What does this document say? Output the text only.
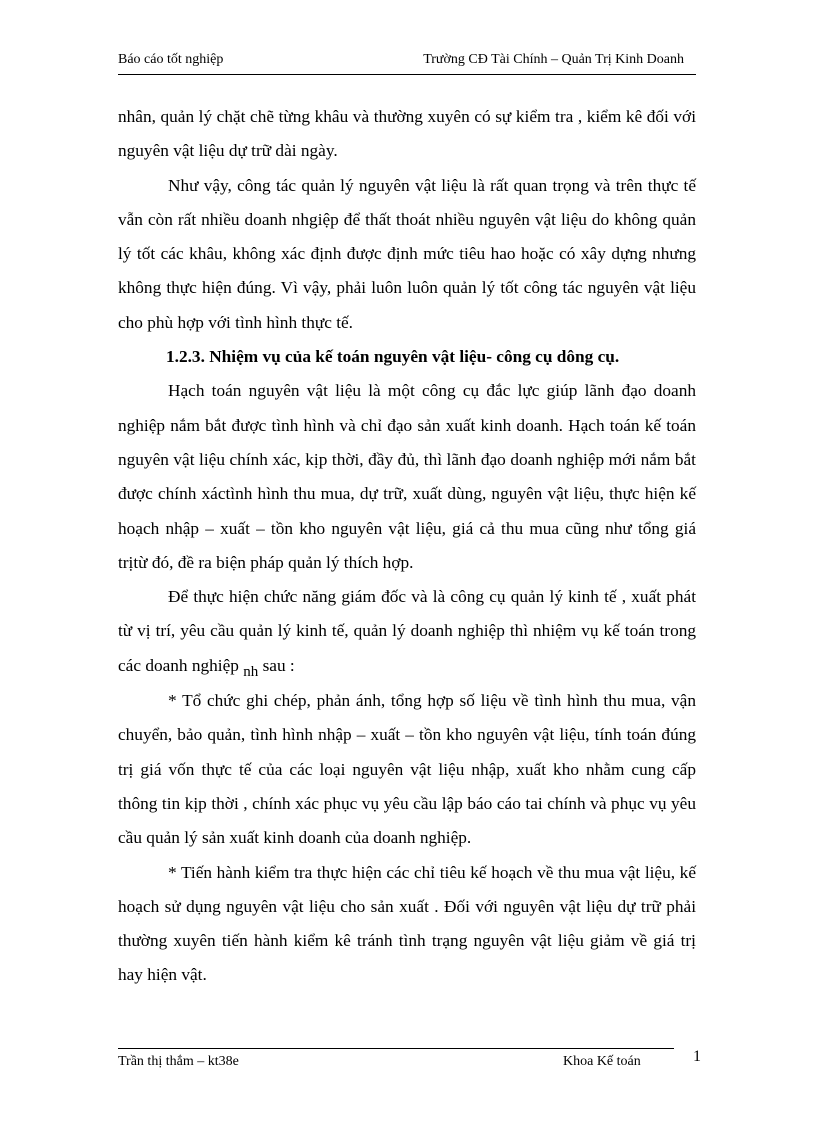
Báo cáo tốt nghiệp	Trường CĐ Tài Chính – Quản Trị Kinh Doanh

nhân, quản lý chặt chẽ từng khâu và thường xuyên có sự kiểm tra , kiểm kê đối với nguyên vật liệu dự trữ dài ngày.

Như vậy, công tác quản lý nguyên vật liệu là rất quan trọng và trên thực tế vẫn còn rất nhiều doanh nhgiệp để thất thoát nhiều nguyên vật liệu do không quản lý tốt các khâu, không xác định được định mức tiêu hao hoặc có xây dựng nhưng không thực hiện đúng. Vì vậy, phải luôn luôn quản lý tốt công tác nguyên vật liệu cho phù hợp với tình hình thực tế.

1.2.3. Nhiệm vụ của kế toán nguyên vật liệu- công cụ dông cụ.

Hạch toán nguyên vật liệu là một công cụ đắc lực giúp lãnh đạo doanh nghiệp nắm bắt được tình hình và chỉ đạo sản xuất kinh doanh. Hạch toán kế toán nguyên vật liệu chính xác, kịp thời, đầy đủ, thì lãnh đạo doanh nghiệp mới nắm bắt được chính xáctình hình thu mua, dự trữ, xuất dùng, nguyên vật liệu, thực hiện kế hoạch nhập – xuất – tồn kho nguyên vật liệu, giá cả thu mua cũng như tổng giá trịtừ đó, đề ra biện pháp quản lý thích hợp.

Để thực hiện chức năng giám đốc và là công cụ quản lý kinh tế , xuất phát từ vị trí, yêu cầu quản lý kinh tế, quản lý doanh nghiệp thì nhiệm vụ kế toán trong các doanh nghiệp nh sau :

* Tổ chức ghi chép, phản ánh, tổng hợp số liệu về tình hình thu mua, vận chuyển, bảo quản, tình hình nhập – xuất – tồn kho nguyên vật liệu, tính toán đúng trị giá vốn thực tế của các loại nguyên vật liệu nhập, xuất kho nhằm cung cấp thông tin kịp thời , chính xác phục vụ yêu cầu lập báo cáo tai chính và phục vụ yêu cầu quản lý sản xuất kinh doanh của doanh nghiệp.

* Tiến hành kiểm tra thực hiện các chỉ tiêu kế hoạch về thu mua vật liệu, kế hoạch sử dụng nguyên vật liệu cho sản xuất . Đối với nguyên vật liệu dự trữ phải thường xuyên tiến hành kiểm kê tránh tình trạng nguyên vật liệu giảm về giá trị hay hiện vật.

Trần thị thắm – kt38e	Khoa Kế toán	1
